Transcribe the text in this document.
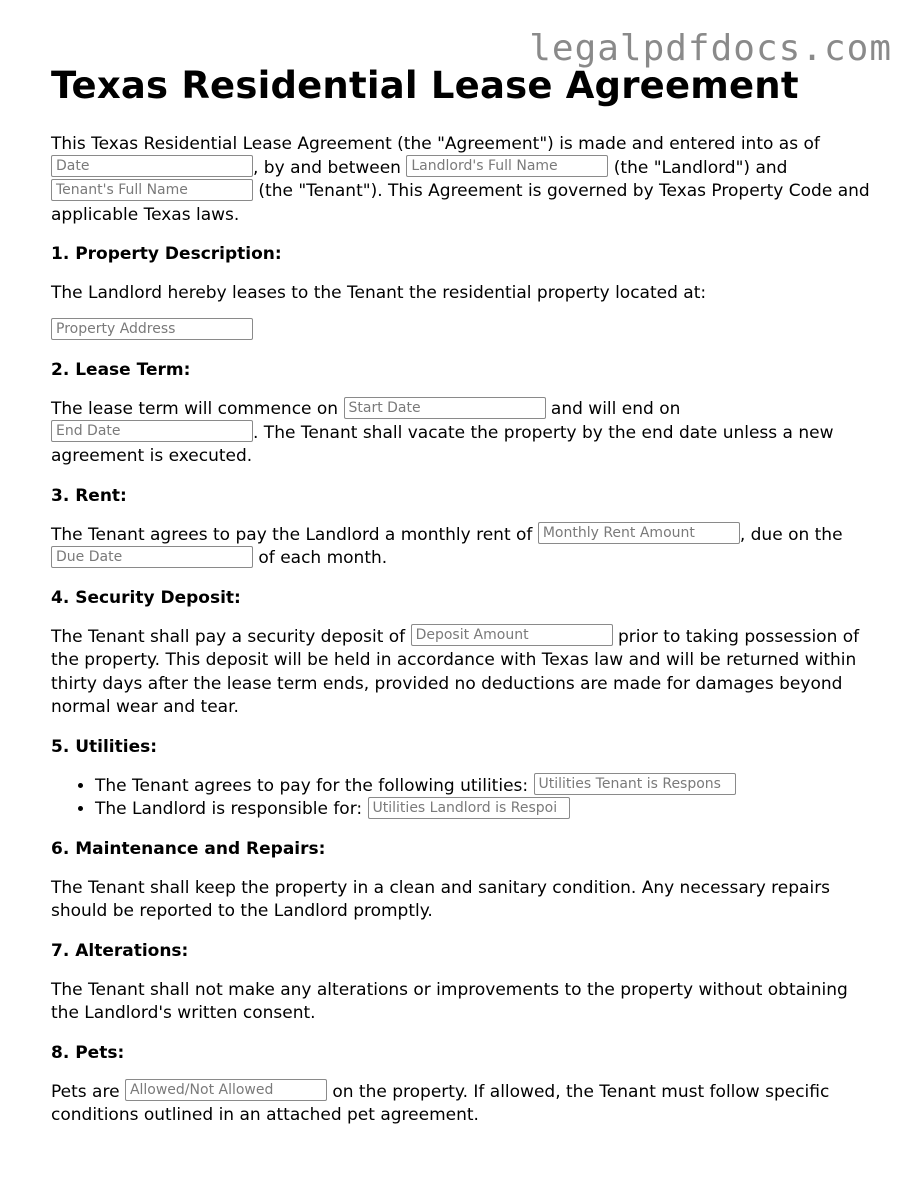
legalpdfdocs.com
Texas Residential Lease Agreement

This Texas Residential Lease Agreement (the "Agreement") is made and entered into as of
Date	, by and between Landlord's Full Name	(the "Landlord") and
Tenant's Full Name	(the "Tenant"). This Agreement is governed by Texas Property Code and applicable Texas laws.

1. Property Description:

The Landlord hereby leases to the Tenant the residential property located at:

Property Address

2. Lease Term:

The lease term will commence on Start Date	and will end on
End Date	. The Tenant shall vacate the property by the end date unless a new agreement is executed.

3. Rent:

The Tenant agrees to pay the Landlord a monthly rent of Monthly Rent Amount	, due on the Due Date	of each month.

4. Security Deposit:

The Tenant shall pay a security deposit of Deposit Amount	prior to taking possession of the property. This deposit will be held in accordance with Texas law and will be returned within thirty days after the lease term ends, provided no deductions are made for damages beyond normal wear and tear.

5. Utilities:
• The Tenant agrees to pay for the following utilities: Utilities Tenant is Respons
• The Landlord is responsible for: Utilities Landlord is Respoi
6. Maintenance and Repairs:

The Tenant shall keep the property in a clean and sanitary condition. Any necessary repairs should be reported to the Landlord promptly.

7. Alterations:

The Tenant shall not make any alterations or improvements to the property without obtaining the Landlord's written consent.

8. Pets:

Pets are Allowed/Not Allowed	on the property. If allowed, the Tenant must follow specific conditions outlined in an attached pet agreement.
